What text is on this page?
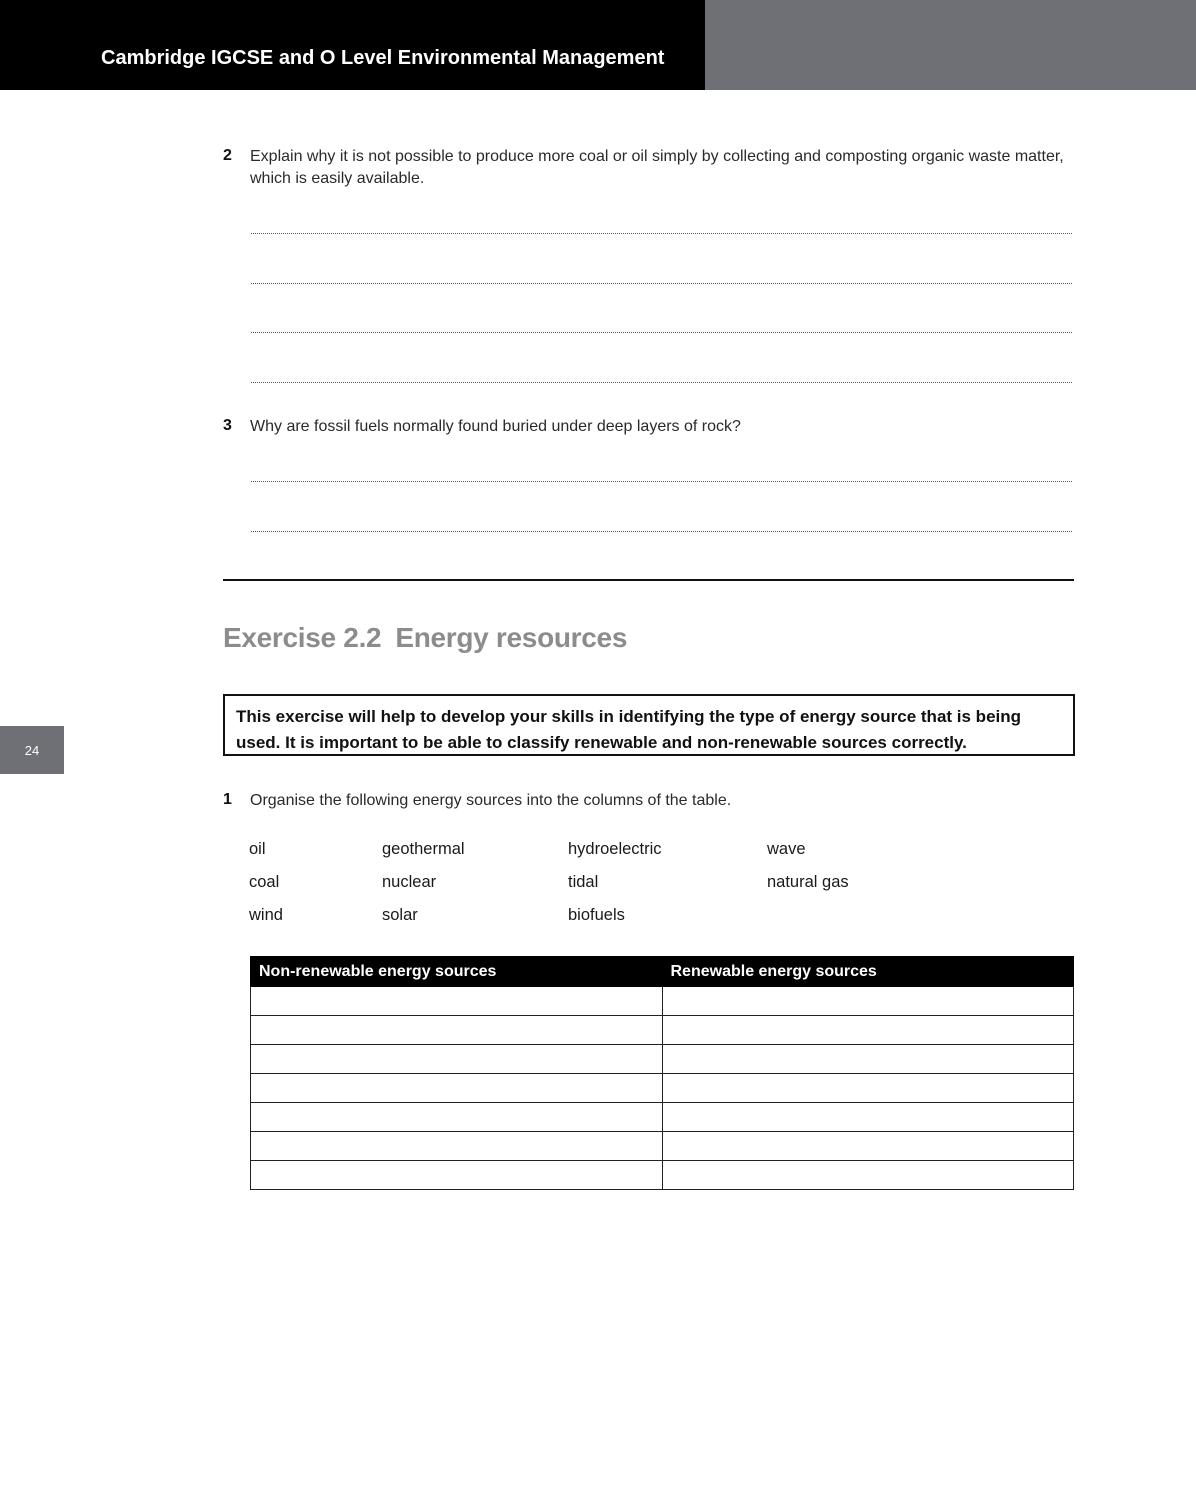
Cambridge IGCSE and O Level Environmental Management
24
2 Explain why it is not possible to produce more coal or oil simply by collecting and composting organic waste matter, which is easily available.
3 Why are fossil fuels normally found buried under deep layers of rock?
Exercise 2.2 Energy resources
This exercise will help to develop your skills in identifying the type of energy source that is being used. It is important to be able to classify renewable and non-renewable sources correctly.
1 Organise the following energy sources into the columns of the table.
oil	geothermal	hydroelectric	wave
coal	nuclear	tidal	natural gas
wind	solar	biofuels
Non-renewable energy sources	Renewable energy sources
